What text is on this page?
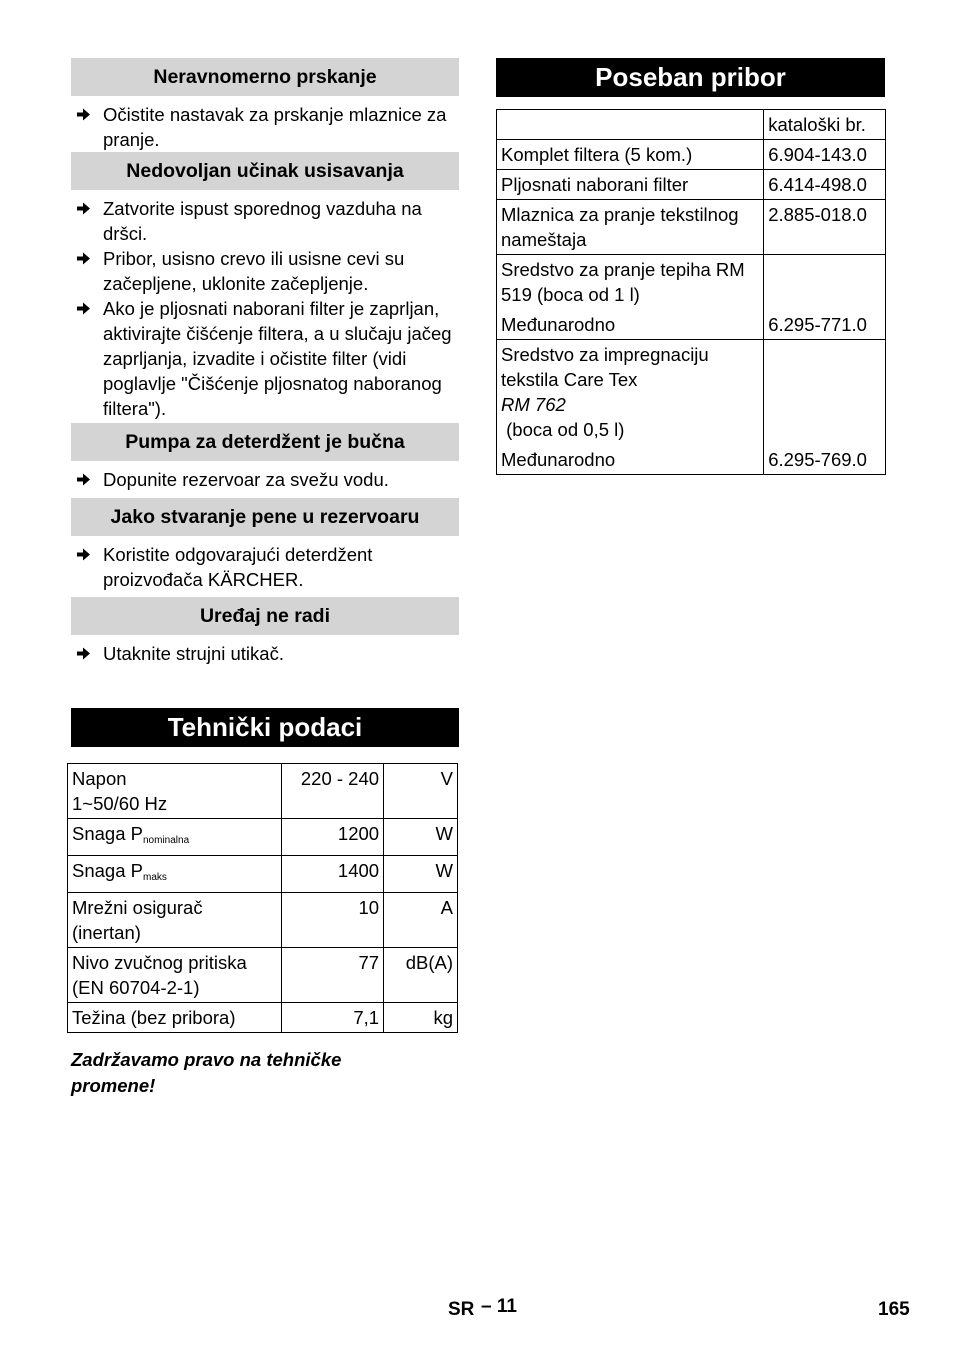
Neravnomerno prskanje
Očistite nastavak za prskanje mlaznice za pranje.
Nedovoljan učinak usisavanja
Zatvorite ispust sporednog vazduha na dršci.
Pribor, usisno crevo ili usisne cevi su začepljene, uklonite začepljenje.
Ako je pljosnati naborani filter je zaprljan, aktivirajte čišćenje filtera, a u slučaju jačeg zaprljanja, izvadite i očistite filter (vidi poglavlje "Čišćenje pljosnatog naboranog filtera").
Pumpa za deterdžent je bučna
Dopunite rezervoar za svežu vodu.
Jako stvaranje pene u rezervoaru
Koristite odgovarajući deterdžent proizvođača KÄRCHER.
Uređaj ne radi
Utaknite strujni utikač.
Tehnički podaci
Napon
1~50/60 Hz	220 - 240	V
Snaga $P_{nominalna}$	1200	W
Snaga $P_{maks}$	1400	W
Mrežni osigurač
(inertan)	10	A
Nivo zvučnog pritiska
(EN 60704-2-1)	77	dB(A)
Težina (bez pribora)	7,1	kg
Zadržavamo pravo na tehničke promene!
Poseban pribor
	kataloški br.
Komplet filtera (5 kom.)	6.904-143.0
Pljosnati naborani filter	6.414-498.0
Mlaznica za pranje tekstilnog nameštaja	2.885-018.0

Sredstvo za pranje tepiha RM 519 (boca od 1 l)
Međunarodno	6.295-771.0

Sredstvo za impregnaciju tekstila Care Tex
RM 762
(boca od 0,5 l)
Međunarodno	6.295-769.0
SR – 11	165
